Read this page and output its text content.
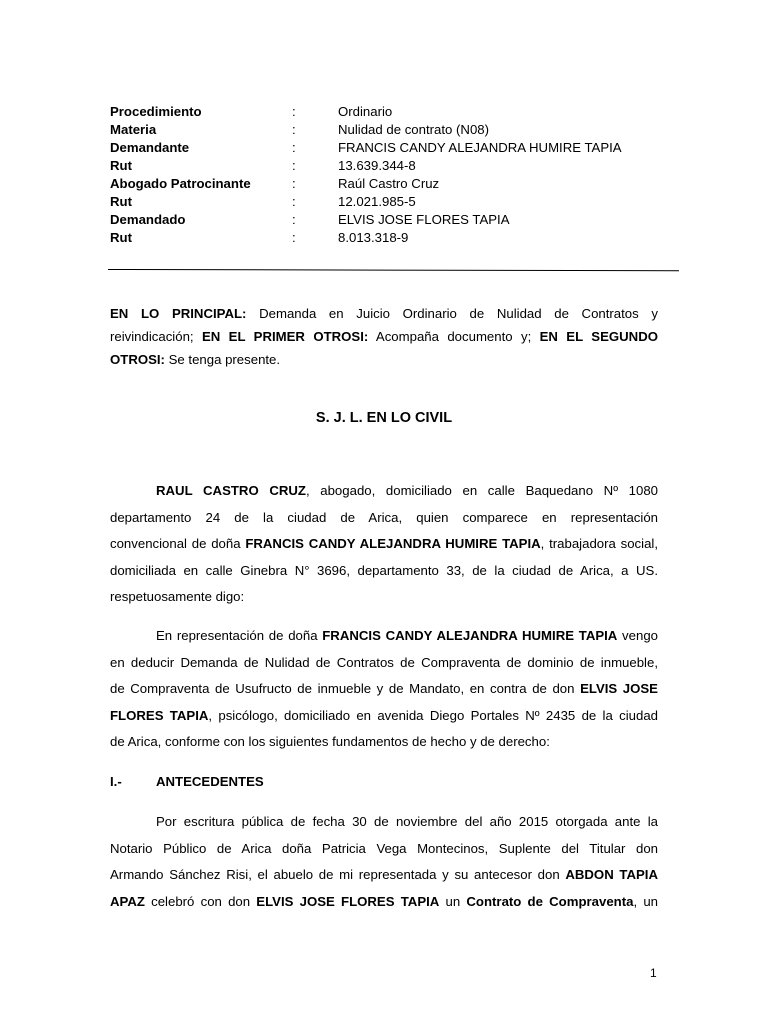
Procedimiento	:	Ordinario
Materia	:	Nulidad de contrato (N08)
Demandante	:	FRANCIS CANDY ALEJANDRA HUMIRE TAPIA
Rut	:	13.639.344-8
Abogado Patrocinante	:	Raúl Castro Cruz
Rut	:	12.021.985-5
Demandado	:	ELVIS JOSE FLORES TAPIA
Rut	:	8.013.318-9
EN LO PRINCIPAL: Demanda en Juicio Ordinario de Nulidad de Contratos y
reivindicación; EN EL PRIMER OTROSI: Acompaña documento y; EN EL SEGUNDO
OTROSI: Se tenga presente.
S. J. L. EN LO CIVIL
RAUL CASTRO CRUZ, abogado, domiciliado en calle Baquedano Nº 1080
departamento 24 de la ciudad de Arica, quien comparece en representación
convencional de doña FRANCIS CANDY ALEJANDRA HUMIRE TAPIA, trabajadora social,
domiciliada en calle Ginebra N° 3696, departamento 33, de la ciudad de Arica, a US.
respetuosamente digo:
En representación de doña FRANCIS CANDY ALEJANDRA HUMIRE TAPIA vengo
en deducir Demanda de Nulidad de Contratos de Compraventa de dominio de inmueble,
de Compraventa de Usufructo de inmueble y de Mandato, en contra de don ELVIS JOSE
FLORES TAPIA, psicólogo, domiciliado en avenida Diego Portales Nº 2435 de la ciudad
de Arica, conforme con los siguientes fundamentos de hecho y de derecho:
I.-	ANTECEDENTES
Por escritura pública de fecha 30 de noviembre del año 2015 otorgada ante la
Notario Público de Arica doña Patricia Vega Montecinos, Suplente del Titular don
Armando Sánchez Risi, el abuelo de mi representada y su antecesor don ABDON TAPIA
APAZ celebró con don ELVIS JOSE FLORES TAPIA un Contrato de Compraventa, un
1
